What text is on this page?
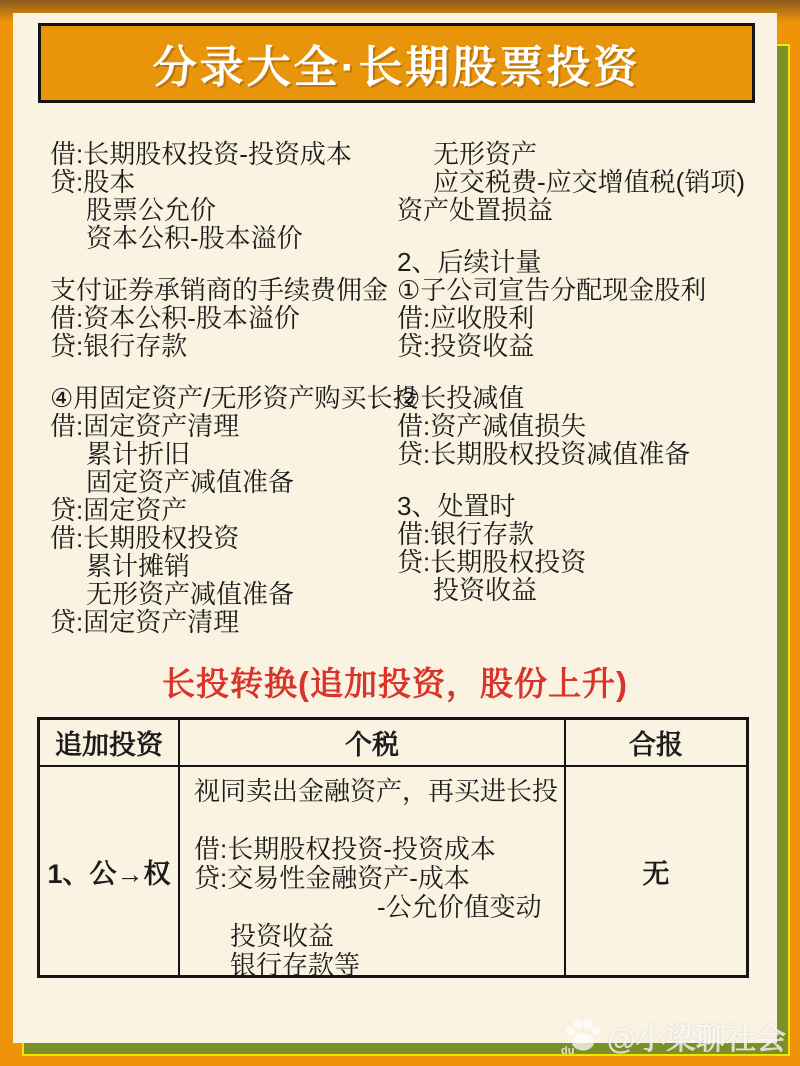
分录大全·长期股票投资
借:长期股权投资-投资成本
贷:股本
股票公允价
资本公积-股本溢价
支付证券承销商的手续费佣金
借:资本公积-股本溢价
贷:银行存款
④用固定资产/无形资产购买长投
借:固定资产清理
累计折旧
固定资产减值准备
贷:固定资产
借:长期股权投资
累计摊销
无形资产减值准备
贷:固定资产清理
无形资产
应交税费-应交增值税(销项)
资产处置损益
2、后续计量
①子公司宣告分配现金股利
借:应收股利
贷:投资收益
②长投减值
借:资产减值损失
贷:长期股权投资减值准备
3、处置时
借:银行存款
贷:长期股权投资
投资收益
长投转换(追加投资，股份上升)
追加投资	个税	合报
1、公→权
视同卖出金融资产，再买进长投
借:长期股权投资-投资成本
贷:交易性金融资产-成本
-公允价值变动
投资收益
银行存款等
无
du @小梁聊社会
